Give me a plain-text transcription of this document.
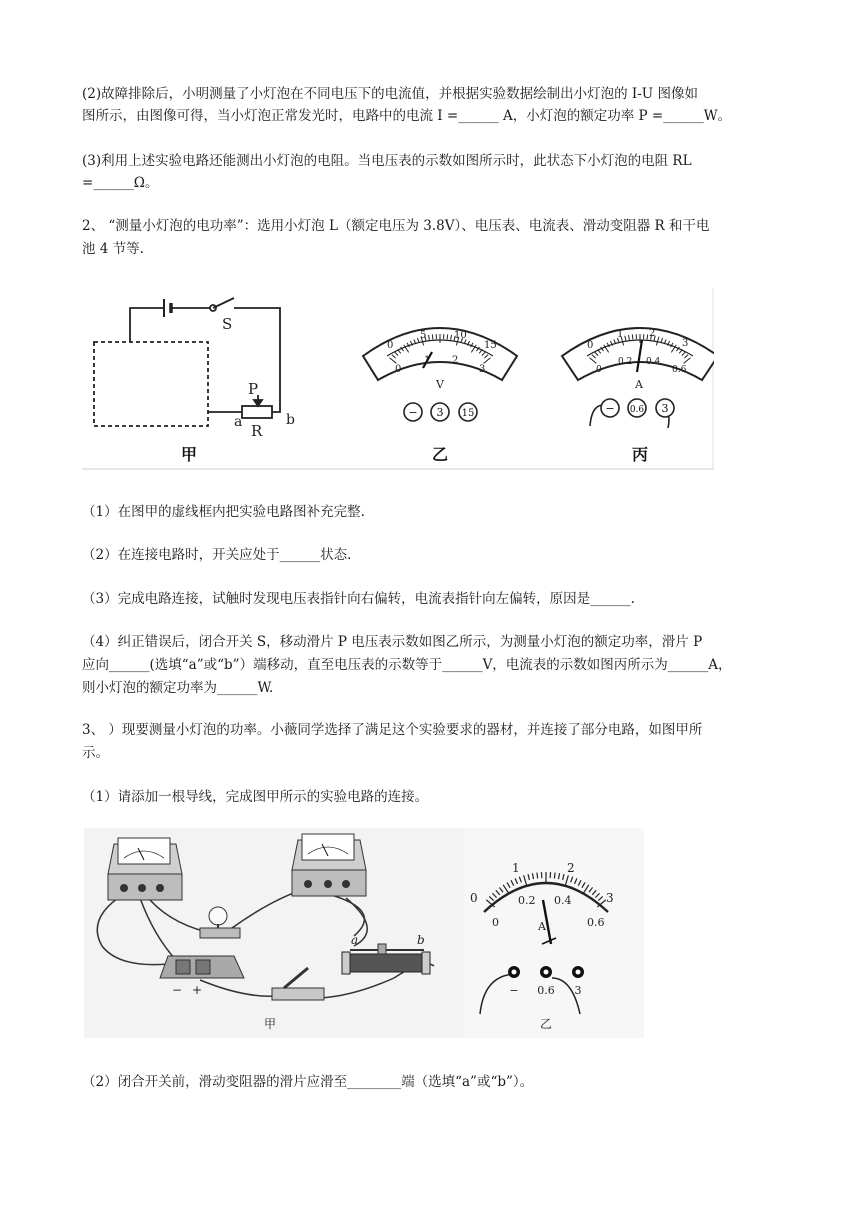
(2)故障排除后，小明测量了小灯泡在不同电压下的电流值，并根据实验数据绘制出小灯泡的 I-U 图像如
图所示，由图像可得，当小灯泡正常发光时，电路中的电流 I =______ A，小灯泡的额定功率 P =______W。
(3)利用上述实验电路还能测出小灯泡的电阻。当电压表的示数如图所示时，此状态下小灯泡的电阻 RL
=______Ω。
2、 “测量小灯泡的电功率”：选用小灯泡 L（额定电压为 3.8V）、电压表、电流表、滑动变阻器 R 和干电
池 4 节等.
S
P
a	b
R
甲
0
5	10
15
0
1 2
3
V
− 3 15
乙
0
1	2
3
0
0.2 0.4
0.6
A
− 0.6 3
丙
（1）在图甲的虚线框内把实验电路图补充完整.
（2）在连接电路时，开关应处于______状态.
（3）完成电路连接，试触时发现电压表指针向右偏转，电流表指针向左偏转，原因是______.
（4）纠正错误后，闭合开关 S，移动滑片 P 电压表示数如图乙所示，为测量小灯泡的额定功率，滑片 P
应向______(选填“a”或“b”）端移动，直至电压表的示数等于______V，电流表的示数如图丙所示为______A，
则小灯泡的额定功率为______W.
3、 ）现要测量小灯泡的功率。小薇同学选择了满足这个实验要求的器材，并连接了部分电路，如图甲所
示。
（1）请添加一根导线，完成图甲所示的实验电路的连接。
− +
a	b
甲
0
1	2
3
0
0.2 0.4
0.6
A
− 0.6 3
乙
（2）闭合开关前，滑动变阻器的滑片应滑至________端（选填“a”或“b”）。
